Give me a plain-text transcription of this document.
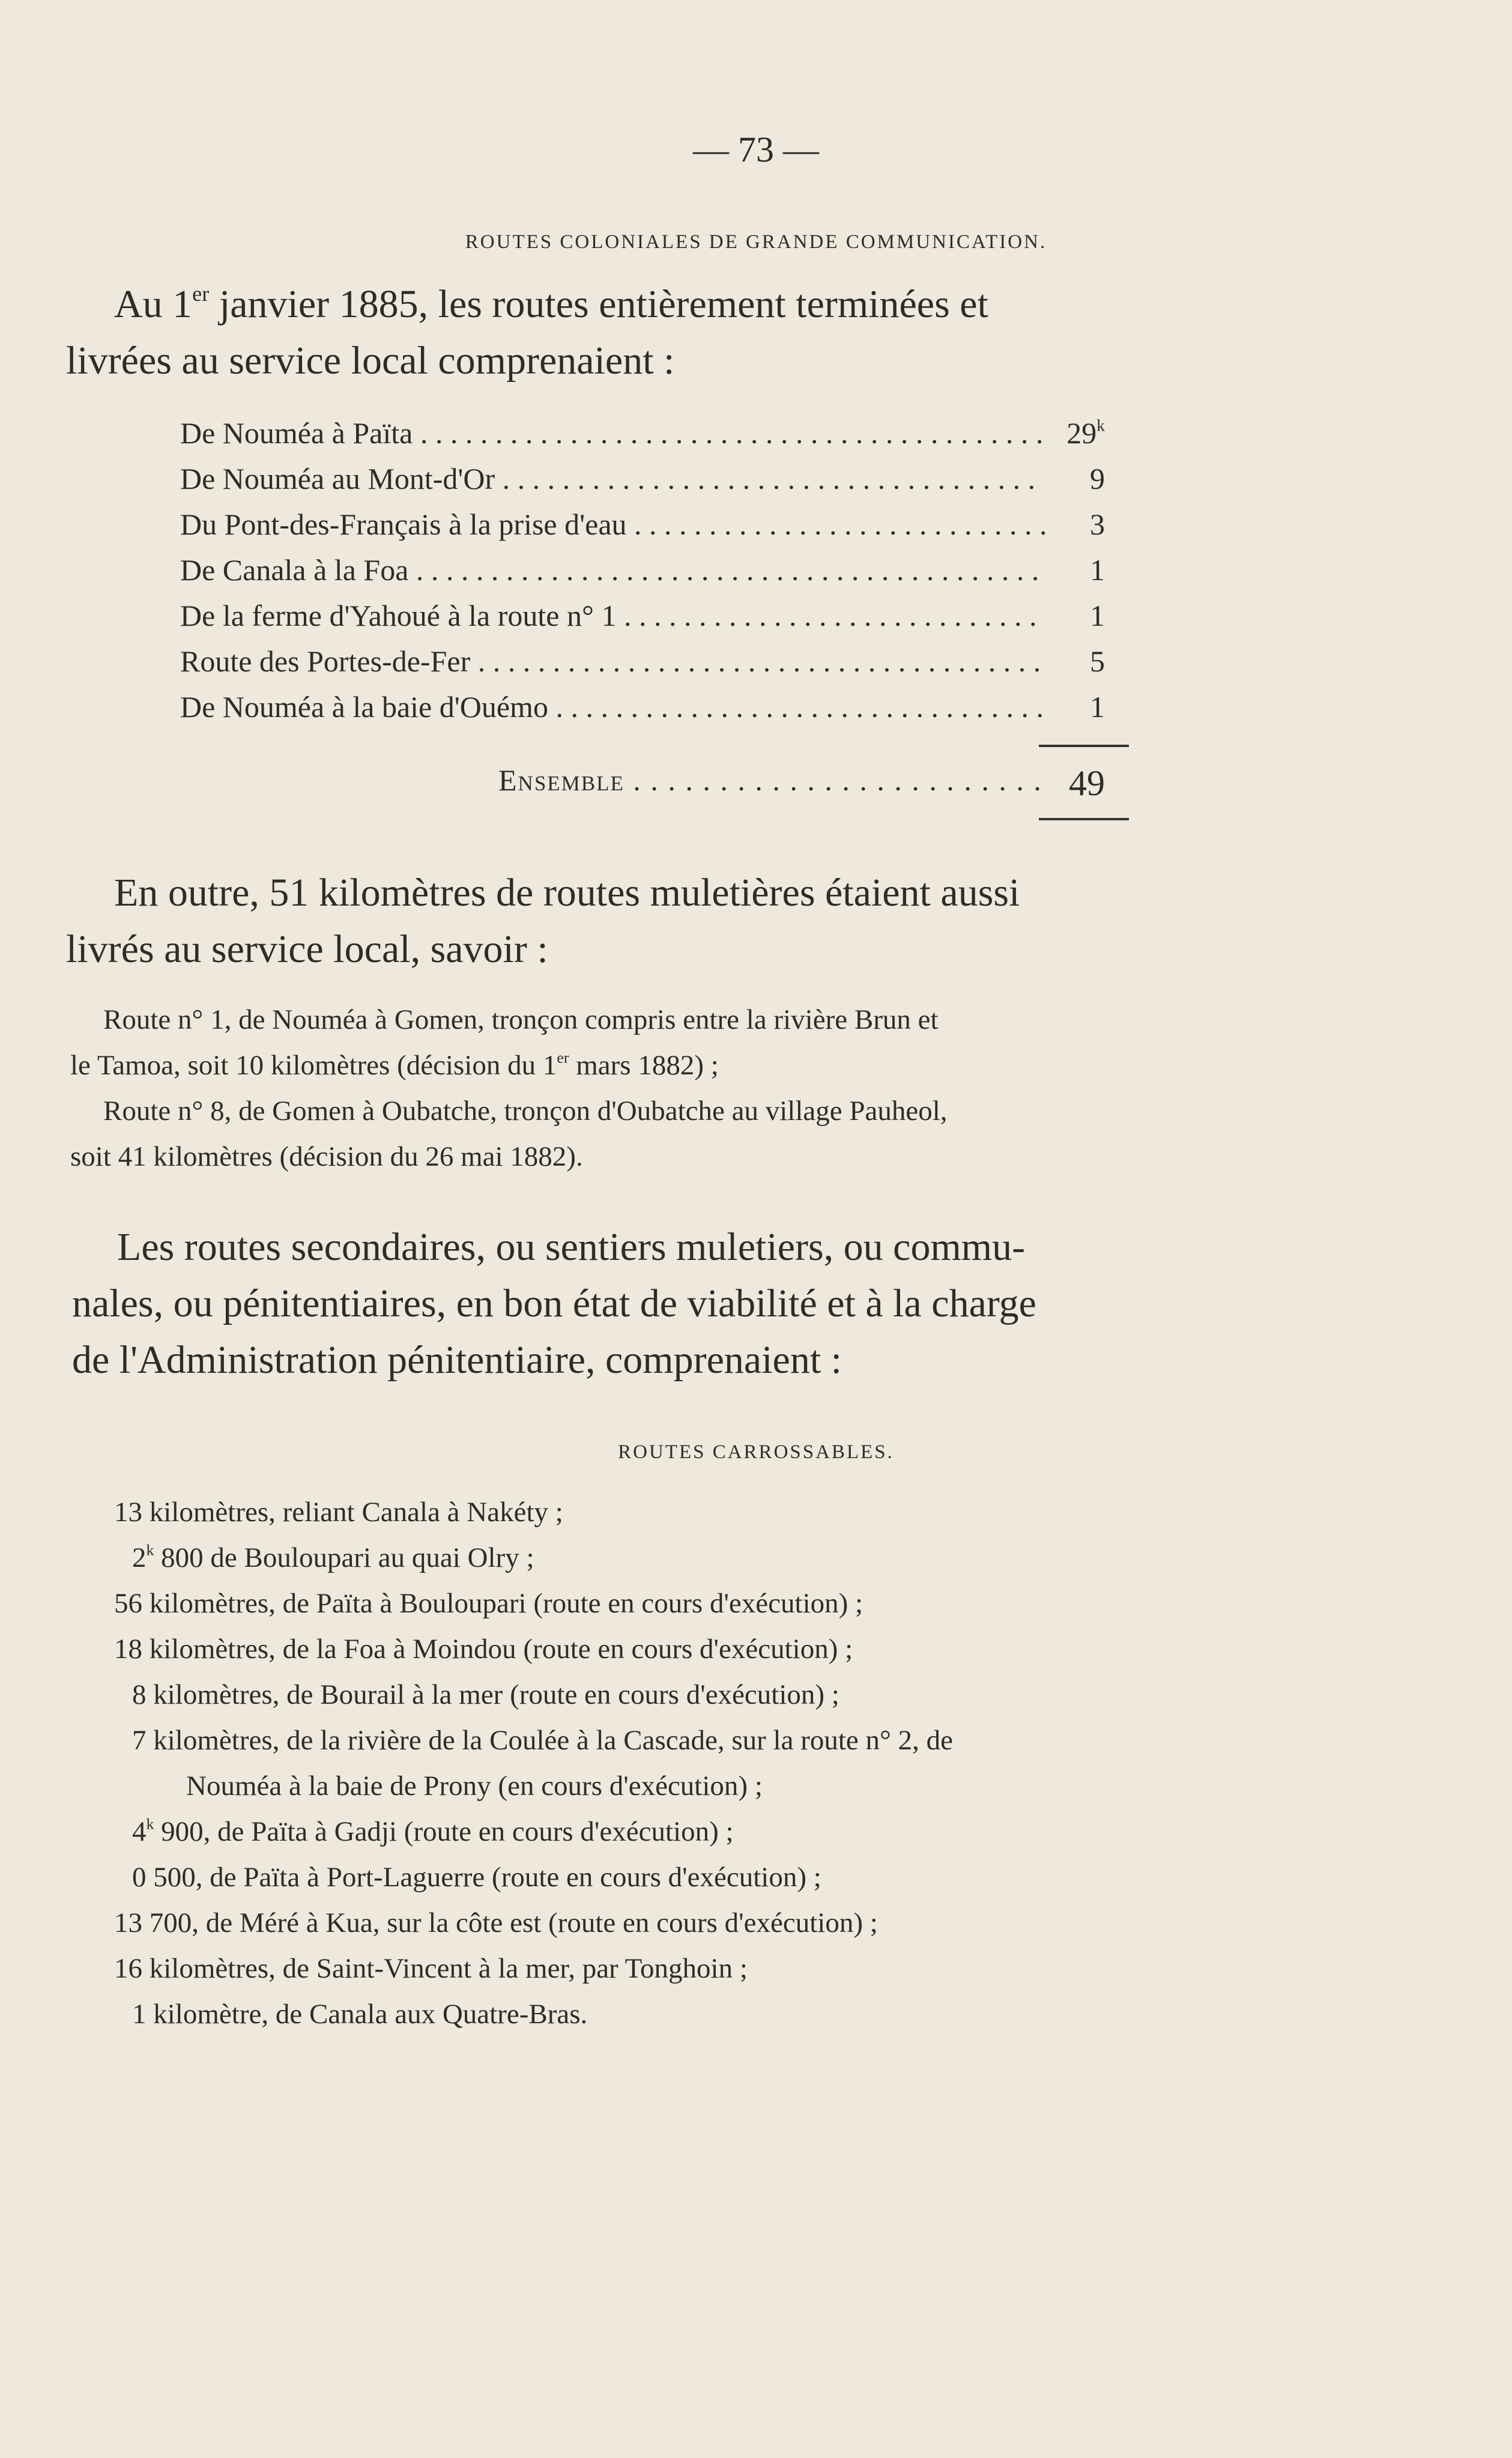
— 73 —
ROUTES COLONIALES DE GRANDE COMMUNICATION.
Au 1er janvier 1885, les routes entièrement terminées et
livrées au service local comprenaient :
De Nouméa à Païta . . .	29$^k$
De Nouméa au Mont-d'Or . . .	9
Du Pont-des-Français à la prise d'eau . . .	3
De Canala à la Foa . . .	1
De la ferme d'Yahoué à la route n° 1 . . .	1
Route des Portes-de-Fer . . .	5
De Nouméa à la baie d'Ouémo . . .	1
Ensemble . . .	49
En outre, 51 kilomètres de routes muletières étaient aussi
livrés au service local, savoir :
Route n° 1, de Nouméa à Gomen, tronçon compris entre la rivière Brun et
le Tamoa, soit 10 kilomètres (décision du 1er mars 1882) ;
Route n° 8, de Gomen à Oubatche, tronçon d'Oubatche au village Pauheol,
soit 41 kilomètres (décision du 26 mai 1882).
Les routes secondaires, ou sentiers muletiers, ou commu-
nales, ou pénitentiaires, en bon état de viabilité et à la charge
de l'Administration pénitentiaire, comprenaient :
ROUTES CARROSSABLES.
13 kilomètres, reliant Canala à Nakéty ;
2$^k$ 800 de Bouloupari au quai Olry ;
56 kilomètres, de Païta à Bouloupari (route en cours d'exécution) ;
18 kilomètres, de la Foa à Moindou (route en cours d'exécution) ;
8 kilomètres, de Bourail à la mer (route en cours d'exécution) ;
7 kilomètres, de la rivière de la Coulée à la Cascade, sur la route n° 2, de
Nouméa à la baie de Prony (en cours d'exécution) ;
4$^k$ 900, de Païta à Gadji (route en cours d'exécution) ;
0 500, de Païta à Port-Laguerre (route en cours d'exécution) ;
13 700, de Méré à Kua, sur la côte est (route en cours d'exécution) ;
16 kilomètres, de Saint-Vincent à la mer, par Tonghoin ;
1 kilomètre, de Canala aux Quatre-Bras.
